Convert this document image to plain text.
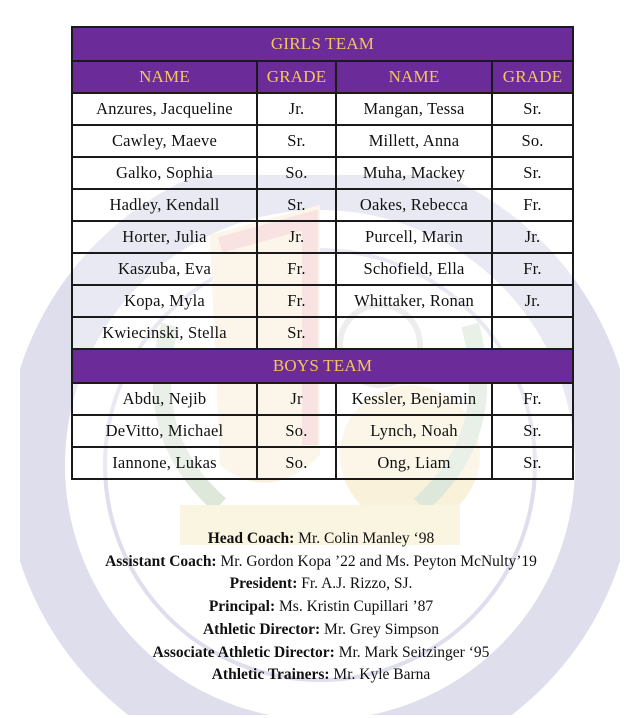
GIRLS TEAM			
NAME	GRADE	NAME	GRADE
Anzures, Jacqueline	Jr.	Mangan, Tessa	Sr.
Cawley, Maeve	Sr.	Millett, Anna	So.
Galko, Sophia	So.	Muha, Mackey	Sr.
Hadley, Kendall	Sr.	Oakes, Rebecca	Fr.
Horter, Julia	Jr.	Purcell, Marin	Jr.
Kaszuba, Eva	Fr.	Schofield, Ella	Fr.
Kopa, Myla	Fr.	Whittaker, Ronan	Jr.
Kwiecinski, Stella	Sr.		
BOYS TEAM			
Abdu, Nejib	Jr	Kessler, Benjamin	Fr.
DeVitto, Michael	So.	Lynch, Noah	Sr.
Iannone, Lukas	So.	Ong, Liam	Sr.
Head Coach: Mr. Colin Manley ‘98
Assistant Coach: Mr. Gordon Kopa ’22 and Ms. Peyton McNulty’19
President: Fr. A.J. Rizzo, SJ.
Principal: Ms. Kristin Cupillari ’87
Athletic Director: Mr. Grey Simpson
Associate Athletic Director: Mr. Mark Seitzinger ‘95
Athletic Trainers: Mr. Kyle Barna
